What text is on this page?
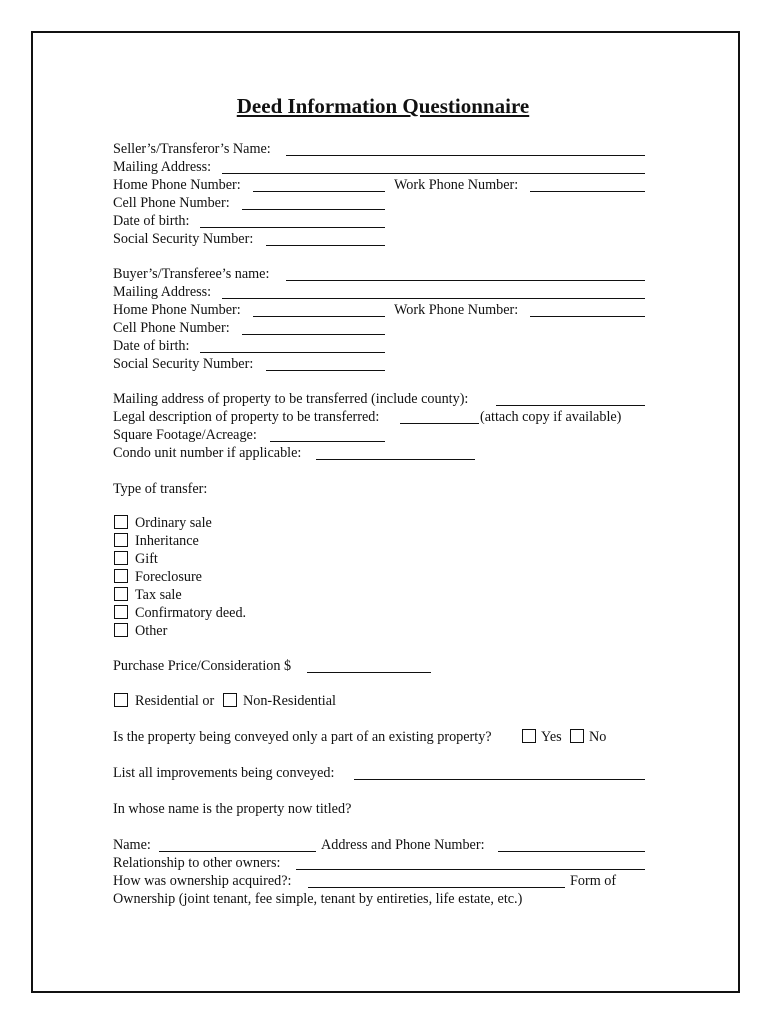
Deed Information Questionnaire
Seller’s/Transferor’s Name:
Mailing Address:
Home Phone Number:	Work Phone Number:
Cell Phone Number:
Date of birth:
Social Security Number:
Buyer’s/Transferee’s name:
Mailing Address:
Home Phone Number:	Work Phone Number:
Cell Phone Number:
Date of birth:
Social Security Number:
Mailing address of property to be transferred (include county):
Legal description of property to be transferred:	(attach copy if available)
Square Footage/Acreage:
Condo unit number if applicable:
Type of transfer:
Ordinary sale
Inheritance
Gift
Foreclosure
Tax sale
Confirmatory deed.
Other
Purchase Price/Consideration $
Residential or Non-Residential
Is the property being conveyed only a part of an existing property?	Yes No
List all improvements being conveyed:
In whose name is the property now titled?
Name:	Address and Phone Number:
Relationship to other owners:
How was ownership acquired?:	Form of
Ownership (joint tenant, fee simple, tenant by entireties, life estate, etc.)
